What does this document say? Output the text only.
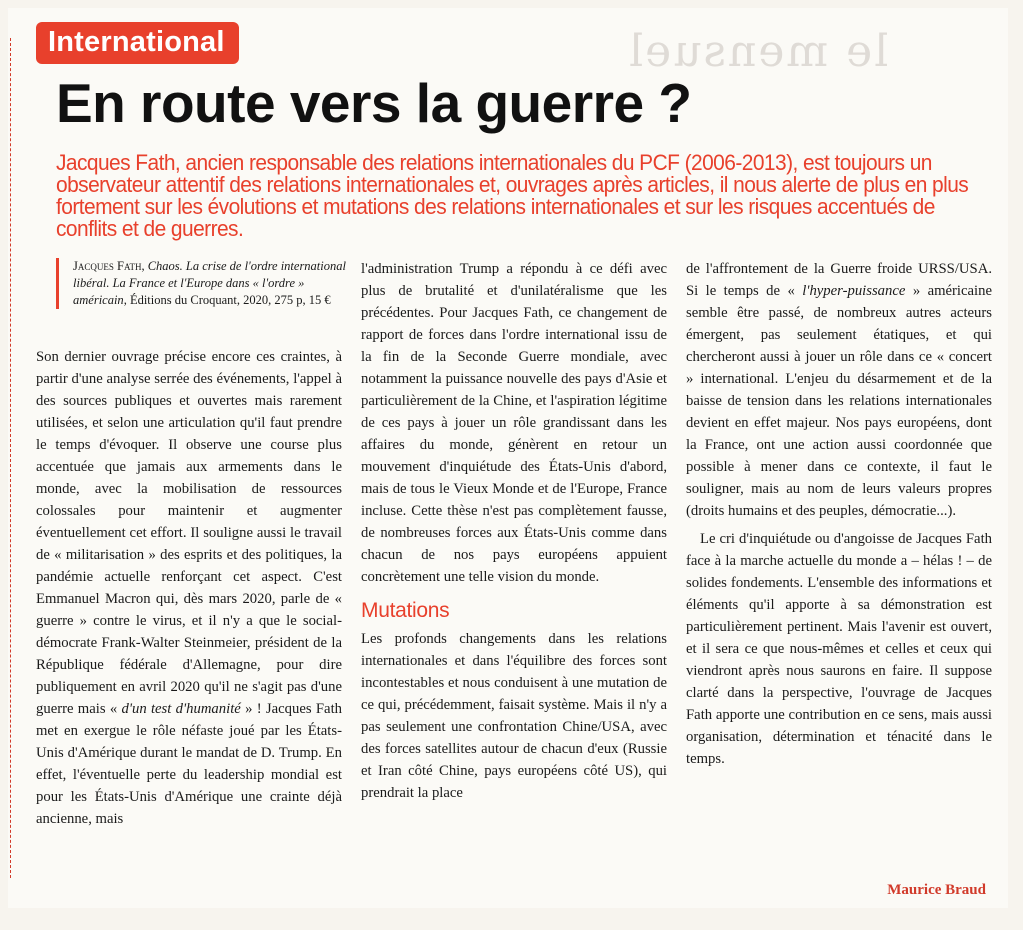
le mensuel
International
En route vers la guerre ?
Jacques Fath, ancien responsable des relations internationales du PCF (2006-2013), est toujours un observateur attentif des relations internationales et, ouvrages après articles, il nous alerte de plus en plus fortement sur les évolutions et mutations des relations internationales et sur les risques accentués de conflits et de guerres.
Jacques Fath, Chaos. La crise de l'ordre international libéral. La France et l'Europe dans « l'ordre » américain, Éditions du Croquant, 2020, 275 p, 15 €

Son dernier ouvrage précise encore ces craintes, à partir d'une analyse serrée des événements, l'appel à des sources publiques et ouvertes mais rarement utilisées, et selon une articulation qu'il faut prendre le temps d'évoquer. Il observe une course plus accentuée que jamais aux armements dans le monde, avec la mobilisation de ressources colossales pour maintenir et augmenter éventuellement cet effort. Il souligne aussi le travail de « militarisation » des esprits et des politiques, la pandémie actuelle renforçant cet aspect. C'est Emmanuel Macron qui, dès mars 2020, parle de « guerre » contre le virus, et il n'y a que le social-démocrate Frank-Walter Steinmeier, président de la République fédérale d'Allemagne, pour dire publiquement en avril 2020 qu'il ne s'agit pas d'une guerre mais « d'un test d'humanité » ! Jacques Fath met en exergue le rôle néfaste joué par les États-Unis d'Amérique durant le mandat de D. Trump. En effet, l'éventuelle perte du leadership mondial est pour les États-Unis d'Amérique une crainte déjà ancienne, mais

l'administration Trump a répondu à ce défi avec plus de brutalité et d'unilatéralisme que les précédentes. Pour Jacques Fath, ce changement de rapport de forces dans l'ordre international issu de la fin de la Seconde Guerre mondiale, avec notamment la puissance nouvelle des pays d'Asie et particulièrement de la Chine, et l'aspiration légitime de ces pays à jouer un rôle grandissant dans les affaires du monde, génèrent en retour un mouvement d'inquiétude des États-Unis d'abord, mais de tous le Vieux Monde et de l'Europe, France incluse. Cette thèse n'est pas complètement fausse, de nombreuses forces aux États-Unis comme dans chacun de nos pays européens appuient concrètement une telle vision du monde.

Mutations

Les profonds changements dans les relations internationales et dans l'équilibre des forces sont incontestables et nous conduisent à une mutation de ce qui, précédemment, faisait système. Mais il n'y a pas seulement une confrontation Chine/USA, avec des forces satellites autour de chacun d'eux (Russie et Iran côté Chine, pays européens côté US), qui prendrait la place

de l'affrontement de la Guerre froide URSS/USA. Si le temps de « l'hyper-puissance » américaine semble être passé, de nombreux autres acteurs émergent, pas seulement étatiques, et qui chercheront aussi à jouer un rôle dans ce « concert » international. L'enjeu du désarmement et de la baisse de tension dans les relations internationales devient en effet majeur. Nos pays européens, dont la France, ont une action aussi coordonnée que possible à mener dans ce contexte, il faut le souligner, mais au nom de leurs valeurs propres (droits humains et des peuples, démocratie...).

Le cri d'inquiétude ou d'angoisse de Jacques Fath face à la marche actuelle du monde a – hélas ! – de solides fondements. L'ensemble des informations et éléments qu'il apporte à sa démonstration est particulièrement pertinent. Mais l'avenir est ouvert, et il sera ce que nous-mêmes et celles et ceux qui viendront après nous saurons en faire. Il suppose clarté dans la perspective, l'ouvrage de Jacques Fath apporte une contribution en ce sens, mais aussi organisation, détermination et ténacité dans le temps.

Maurice Braud
